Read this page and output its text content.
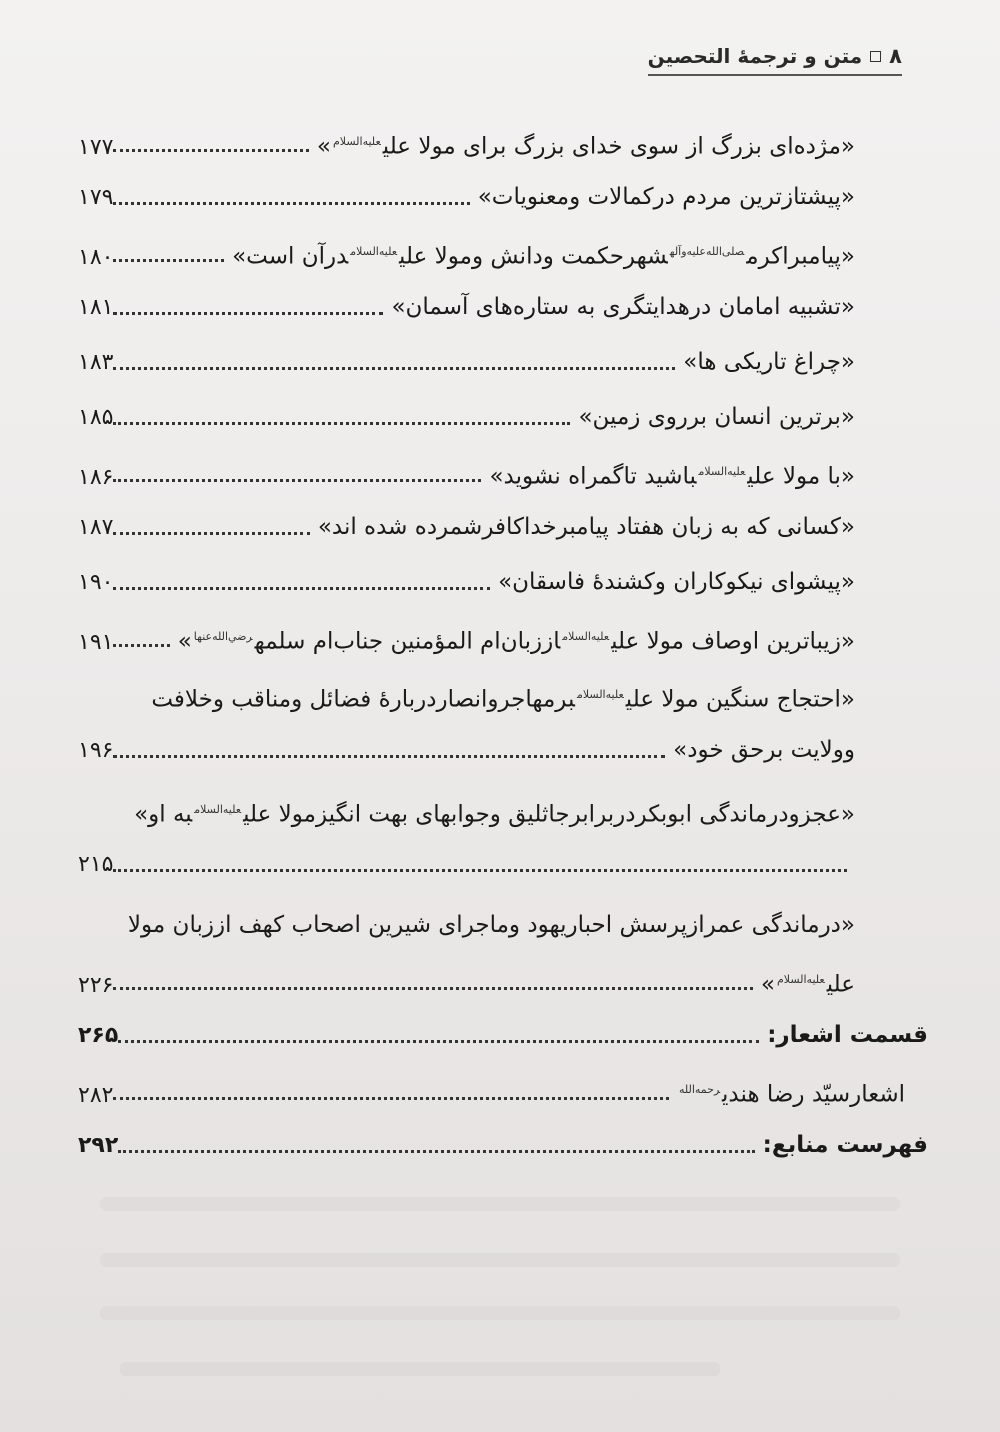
۸
متن و ترجمهٔ التحصین
«مژده‌ای بزرگ از سوی خدای بزرگ برای مولا علی$^{عليه‌السلام}$»
۱۷۷
«پیشتازترین مردم درکمالات ومعنویات»
۱۷۹
«پیامبراکرم$^{صلى‌الله‌عليه‌وآله}$شهرحکمت ودانش ومولا علی$^{عليه‌السلام}$درآن است»
۱۸۰
«تشبیه امامان درهدایتگری به ستاره‌های آسمان»
۱۸۱
«چراغ تاریکی ها»
۱۸۳
«برترین انسان برروی زمین»
۱۸۵
«با مولا علی$^{عليه‌السلام}$باشید تاگمراه نشوید»
۱۸۶
«کسانی که به زبان هفتاد پیامبرخداکافرشمرده شده اند»
۱۸۷
«پیشوای نیکوکاران وکشندهٔ فاسقان»
۱۹۰
«زیباترین اوصاف مولا علی$^{عليه‌السلام}$اززبان‌ام المؤمنین جناب‌ام سلمه$^{رضي‌الله‌عنها}$»
۱۹۱
«احتجاج سنگین مولا علی$^{عليه‌السلام}$برمهاجروانصاردربارهٔ فضائل ومناقب وخلافت
وولایت برحق خود»
۱۹۶
«عجزودرماندگی ابوبکردربرابرجاثلیق وجوابهای بهت انگیزمولا علی$^{عليه‌السلام}$به او»
۲۱۵
«درماندگی عمرازپرسش احباریهود وماجرای شیرین اصحاب کهف اززبان مولا
علی$^{عليه‌السلام}$»
۲۲۶
قسمت اشعار:
۲۶۵
اشعارسیّد رضا هندی$^{رحمه‌الله}$
۲۸۲
فهرست منابع:
۲۹۲
